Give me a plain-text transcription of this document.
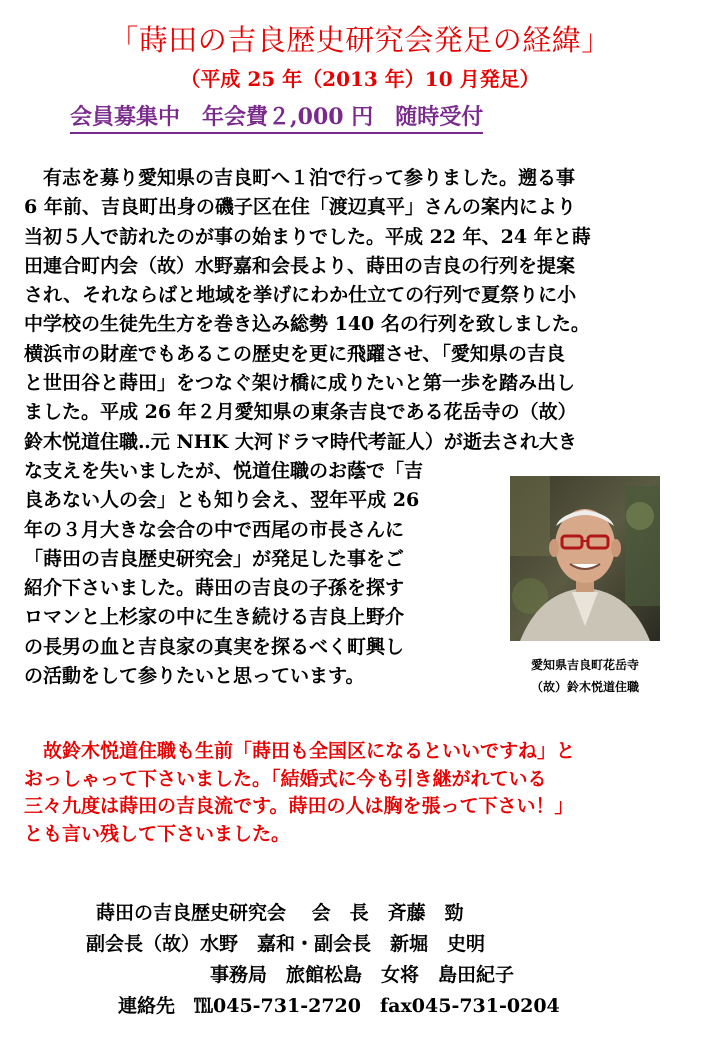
「蒔田の吉良歴史研究会発足の経緯」
（平成 25 年（2013 年）10 月発足）
会員募集中　年会費２,000 円　随時受付
　有志を募り愛知県の吉良町へ１泊で行って参りました。遡る事
6 年前、吉良町出身の磯子区在住「渡辺真平」さんの案内により
当初５人で訪れたのが事の始まりでした。平成 22 年、24 年と蒔
田連合町内会（故）水野嘉和会長より、蒔田の吉良の行列を提案
され、それならばと地域を挙げにわか仕立ての行列で夏祭りに小
中学校の生徒先生方を巻き込み総勢 140 名の行列を致しました。
横浜市の財産でもあるこの歴史を更に飛躍させ、「愛知県の吉良
と世田谷と蒔田」をつなぐ架け橋に成りたいと第一歩を踏み出し
ました。平成 26 年２月愛知県の東条吉良である花岳寺の（故）
鈴木悦道住職‥元 NHK 大河ドラマ時代考証人）が逝去され大き
な支えを失いましたが、悦道住職のお蔭で「吉
良あない人の会」とも知り会え、翌年平成 26
年の３月大きな会合の中で西尾の市長さんに
「蒔田の吉良歴史研究会」が発足した事をご
紹介下さいました。蒔田の吉良の子孫を探す
ロマンと上杉家の中に生き続ける吉良上野介
の長男の血と吉良家の真実を探るべく町興し
の活動をして参りたいと思っています。
愛知県吉良町花岳寺
（故）鈴木悦道住職
　故鈴木悦道住職も生前「蒔田も全国区になるといいですね」と
おっしゃって下さいました。「結婚式に今も引き継がれている
三々九度は蒔田の吉良流です。蒔田の人は胸を張って下さい！」
とも言い残して下さいました。
蒔田の吉良歴史研究会　 会　長　斉藤　勁
副会長（故）水野　嘉和・副会長　新堀　史明
事務局　旅館松島　女将　島田紀子
連絡先　℡045-731-2720　fax045-731-0204
